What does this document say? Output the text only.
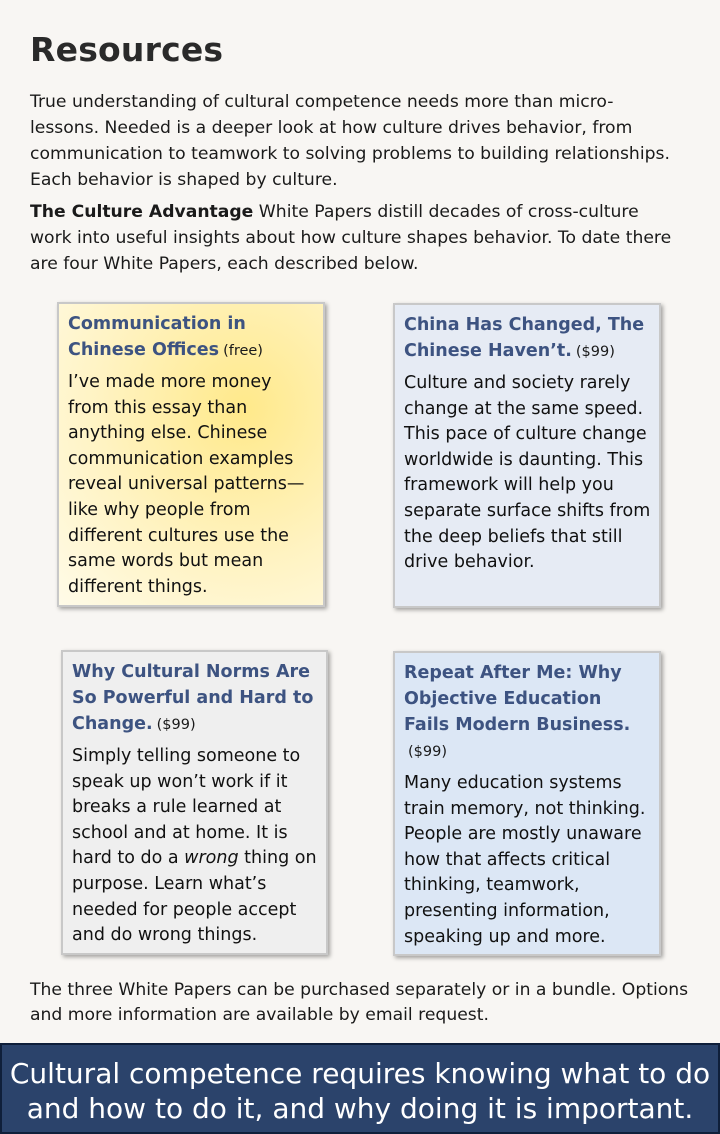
Resources

True understanding of cultural competence needs more than micro-lessons. Needed is a deeper look at how culture drives behavior, from communication to teamwork to solving problems to building relationships. Each behavior is shaped by culture.

The Culture Advantage White Papers distill decades of cross-culture work into useful insights about how culture shapes behavior. To date there are four White Papers, each described below.

Communication in Chinese Offices (free)
I’ve made more money from this essay than anything else. Chinese communication examples reveal universal patterns—like why people from different cultures use the same words but mean different things.
China Has Changed, The Chinese Haven’t. ($99)
Culture and society rarely change at the same speed. This pace of culture change worldwide is daunting. This framework will help you separate surface shifts from the deep beliefs that still drive behavior.
Why Cultural Norms Are So Powerful and Hard to Change. ($99)
Simply telling someone to speak up won’t work if it breaks a rule learned at school and at home. It is hard to do a wrong thing on purpose. Learn what’s needed for people accept and do wrong things.
Repeat After Me: Why Objective Education Fails Modern Business.($99)
Many education systems train memory, not thinking. People are mostly unaware how that affects critical thinking, teamwork, presenting information, speaking up and more.
The three White Papers can be purchased separately or in a bundle. Options and more information are available by email request.
Cultural competence requires knowing what to do and how to do it, and why doing it is important.
